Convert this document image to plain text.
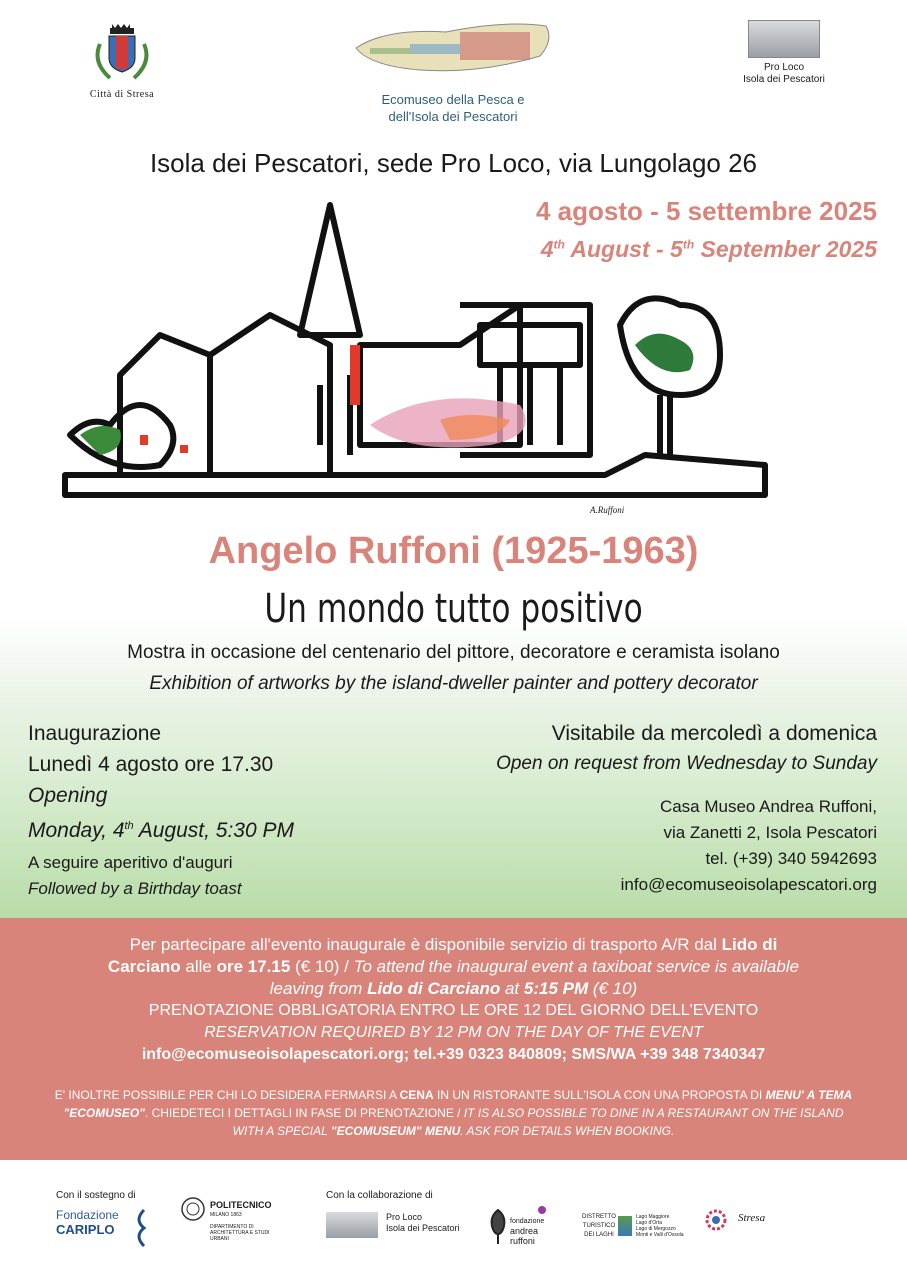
Città di Stresa	Ecomuseo della Pesca e
dell'Isola dei Pescatori
Pro Loco
Isola dei Pescatori
Isola dei Pescatori, sede Pro Loco, via Lungolago 26
4 agosto - 5 settembre 2025
4th August - 5th September 2025
A.Ruffoni
Angelo Ruffoni (1925-1963)
Un mondo tutto positivo
Mostra in occasione del centenario del pittore, decoratore e ceramista isolano
Exhibition of artworks by the island-dweller painter and pottery decorator
Inaugurazione
Lunedì 4 agosto ore 17.30
Opening
Monday, 4th August, 5:30 PM
A seguire aperitivo d'auguri
Followed by a Birthday toast
Visitabile da mercoledì a domenica
Open on request from Wednesday to Sunday
Casa Museo Andrea Ruffoni,
via Zanetti 2, Isola Pescatori
tel. (+39) 340 5942693
info@ecomuseoisolapescatori.org
Per partecipare all'evento inaugurale è disponibile servizio di trasporto A/R dal Lido di
Carciano alle ore 17.15 (€ 10) / To attend the inaugural event a taxiboat service is available
leaving from Lido di Carciano at 5:15 PM (€ 10)
PRENOTAZIONE OBBLIGATORIA ENTRO LE ORE 12 DEL GIORNO DELL'EVENTO
RESERVATION REQUIRED BY 12 PM ON THE DAY OF THE EVENT
info@ecomuseoisolapescatori.org; tel.+39 0323 840809; SMS/WA +39 348 7340347
E' INOLTRE POSSIBILE PER CHI LO DESIDERA FERMARSI A CENA IN UN RISTORANTE SULL'ISOLA CON UNA PROPOSTA DI MENU' A TEMA
"ECOMUSEO". CHIEDETECI I DETTAGLI IN FASE DI PRENOTAZIONE / IT IS ALSO POSSIBLE TO DINE IN A RESTAURANT ON THE ISLAND
WITH A SPECIAL "ECOMUSEUM" MENU. ASK FOR DETAILS WHEN BOOKING.
Con il sostegno di
Fondazione
CARIPLO
POLITECNICO
MILANO 1863
DIPARTIMENTO DI ARCHITETTURA E STUDI URBANI
Con la collaborazione di
Pro Loco
Isola dei Pescatori
fondazione
andrea
ruffoni
DISTRETTO
TURISTICO
DEI LAGHI
Lago Maggiore
Lago d'Orta
Lago di Mergozzo
Monti e Valli d'Ossola
Stresa
